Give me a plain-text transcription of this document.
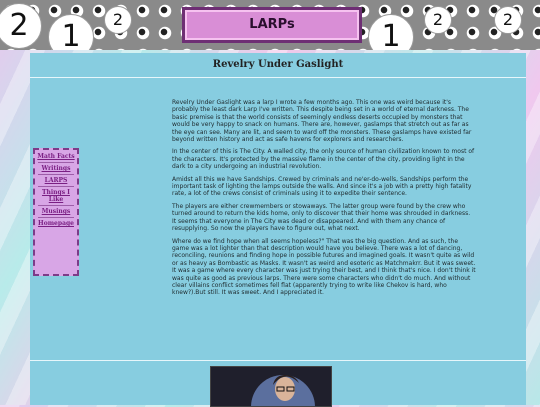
2	1	2	1	2	2
LARPs
Revelry Under Gaslight
Math Facts
Writings
LARPS
Things I Like
Musings
Homepage

Revelry Under Gaslight was a larp I wrote a few months ago. This one was weird because it's probably the least dark Larp I've written. This despite being set in a world of eternal darkness. The basic premise is that the world consists of seemingly endless deserts occupied by monsters that would be very happy to snack on humans. There are, however, gaslamps that stretch out as far as the eye can see. Many are lit, and seem to ward off the monsters. These gaslamps have existed far beyond written history and act as safe havens for explorers and researchers.

In the center of this is The City. A walled city, the only source of human civilization known to most of the characters. It's protected by the massive flame in the center of the city, providing light in the dark to a city undergoing an industrial revolution.

Amidst all this we have Sandships. Crewed by criminals and ne'er-do-wells, Sandships perform the important task of lighting the lamps outside the walls. And since it's a job with a pretty high fatality rate, a lot of the crews consist of criminals using it to expedite their sentence.

The players are either crewmembers or stowaways. The latter group were found by the crew who turned around to return the kids home, only to discover that their home was shrouded in darkness. It seems that everyone in The City was dead or disappeared. And with them any chance of resupplying. So now the players have to figure out, what next.

Where do we find hope when all seems hopeless?" That was the big question. And as such, the game was a lot lighter than that description would have you believe. There was a lot of dancing, reconciling, reunions and finding hope in possible futures and imagined goals. It wasn't quite as wild or as heavy as Bombastic as Masks. It wasn't as weird and esoteric as Matchmakrr. But it was sweet. It was a game where every character was just trying their best, and I think that's nice. I don't think it was quite as good as previous larps. There were some characters who didn't do much. And without clear villains conflict sometimes fell flat (apparently trying to write like Chekov is hard, who knew?).But still. It was sweet. And I appreciated it.
